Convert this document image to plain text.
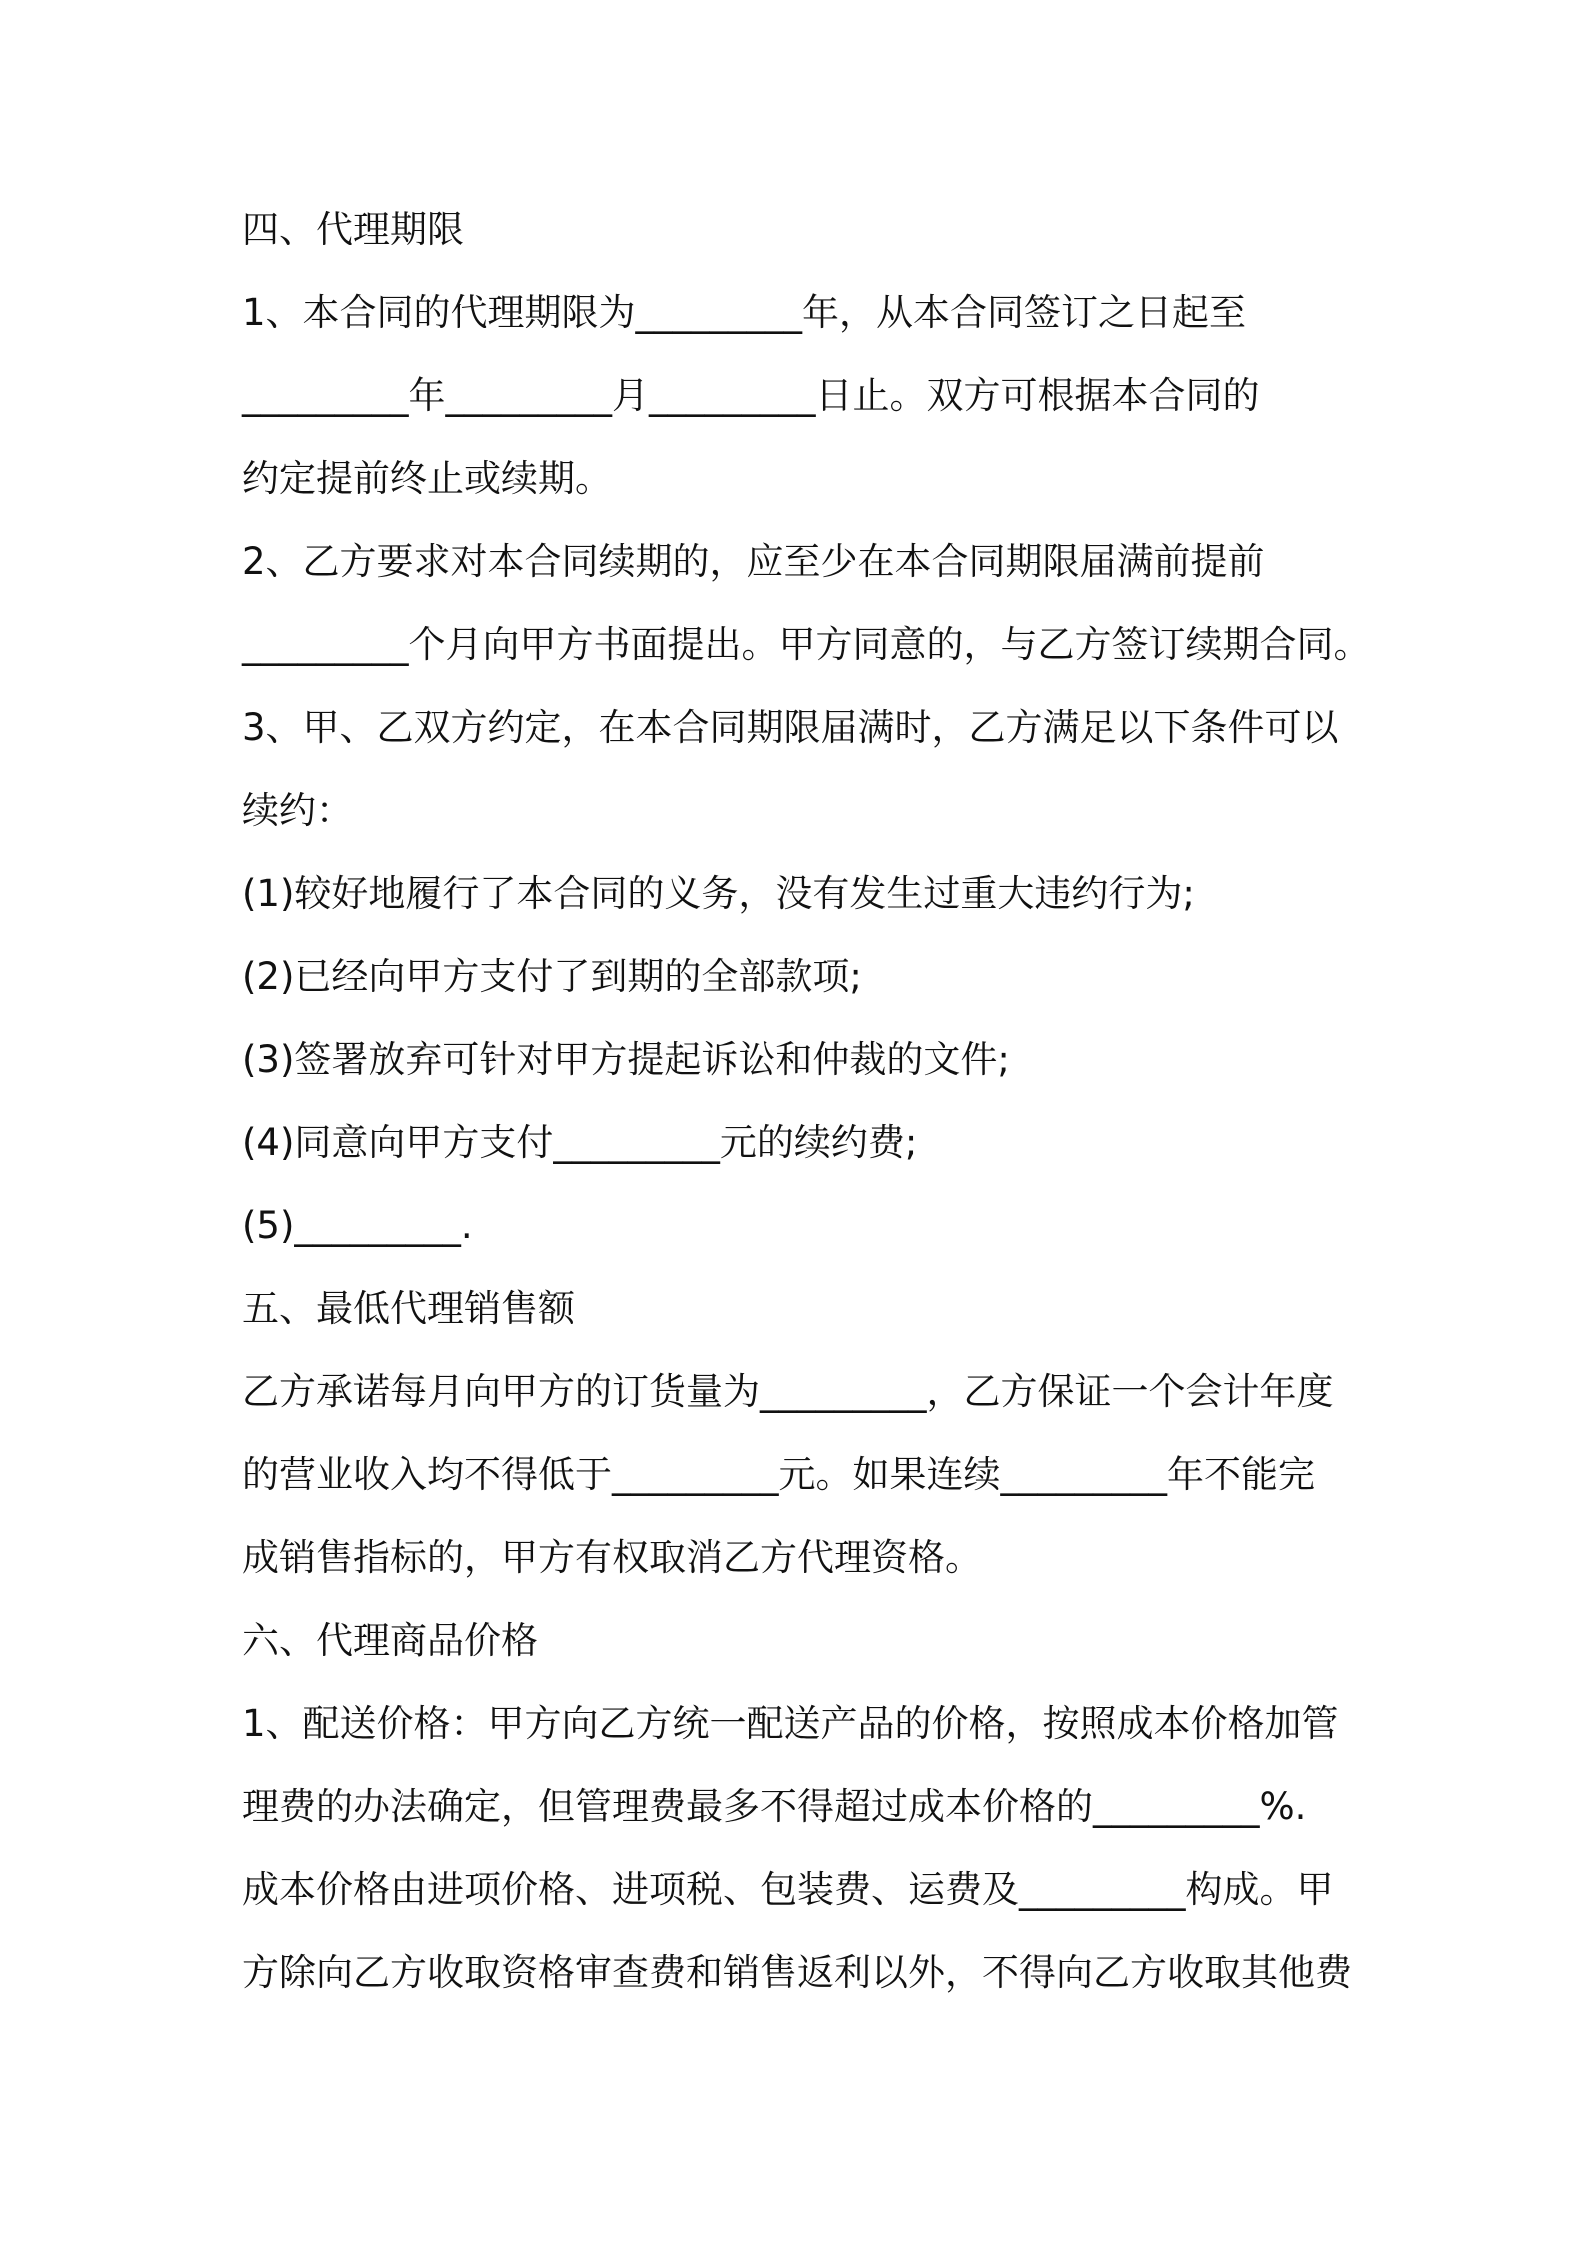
四、代理期限
1、本合同的代理期限为_________年，从本合同签订之日起至
_________年_________月_________日止。双方可根据本合同的
约定提前终止或续期。
2、乙方要求对本合同续期的，应至少在本合同期限届满前提前
_________个月向甲方书面提出。甲方同意的，与乙方签订续期合同。
3、甲、乙双方约定，在本合同期限届满时，乙方满足以下条件可以
续约：
(1)较好地履行了本合同的义务，没有发生过重大违约行为;
(2)已经向甲方支付了到期的全部款项;
(3)签署放弃可针对甲方提起诉讼和仲裁的文件;
(4)同意向甲方支付_________元的续约费;
(5)_________.
五、最低代理销售额
乙方承诺每月向甲方的订货量为_________，乙方保证一个会计年度
的营业收入均不得低于_________元。如果连续_________年不能完
成销售指标的，甲方有权取消乙方代理资格。
六、代理商品价格
1、配送价格：甲方向乙方统一配送产品的价格，按照成本价格加管
理费的办法确定，但管理费最多不得超过成本价格的_________%.
成本价格由进项价格、进项税、包装费、运费及_________构成。甲
方除向乙方收取资格审查费和销售返利以外，不得向乙方收取其他费
